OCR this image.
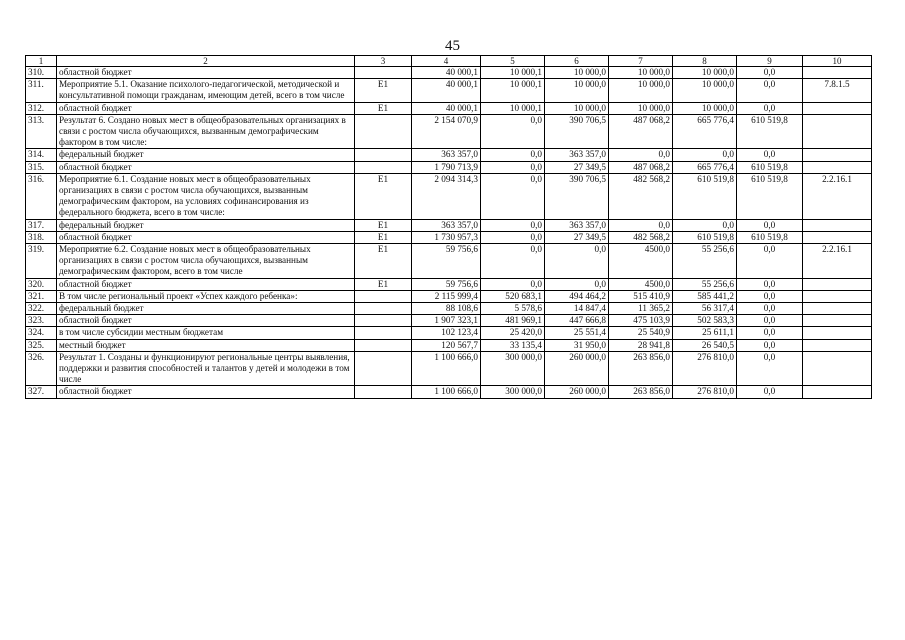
45
1	2	3	4	5	6	7	8	9	10
310.	областной бюджет		40 000,1	10 000,1	10 000,0	10 000,0	10 000,0	0,0	
311.	Мероприятие 5.1. Оказание психолого-педагогической, методической и консультативной помощи гражданам, имеющим детей, всего в том числе	Е1	40 000,1	10 000,1	10 000,0	10 000,0	10 000,0	0,0	7.8.1.5
312.	областной бюджет	Е1	40 000,1	10 000,1	10 000,0	10 000,0	10 000,0	0,0	
313.	Результат 6. Создано новых мест в общеобразовательных организациях в связи с ростом числа обучающихся, вызванным демографическим фактором в том числе:		2 154 070,9	0,0	390 706,5	487 068,2	665 776,4	610 519,8	
314.	федеральный бюджет		363 357,0	0,0	363 357,0	0,0	0,0	0,0	
315.	областной бюджет		1 790 713,9	0,0	27 349,5	487 068,2	665 776,4	610 519,8	
316.	Мероприятие 6.1. Создание новых мест в общеобразовательных организациях в связи с ростом числа обучающихся, вызванным демографическим фактором, на условиях софинансирования из федерального бюджета, всего в том числе:	Е1	2 094 314,3	0,0	390 706,5	482 568,2	610 519,8	610 519,8	2.2.16.1
317.	федеральный бюджет	Е1	363 357,0	0,0	363 357,0	0,0	0,0	0,0	
318.	областной бюджет	Е1	1 730 957,3	0,0	27 349,5	482 568,2	610 519,8	610 519,8	
319.	Мероприятие 6.2. Создание новых мест в общеобразовательных организациях в связи с ростом числа обучающихся, вызванным демографическим фактором, всего в том числе	Е1	59 756,6	0,0	0,0	4500,0	55 256,6	0,0	2.2.16.1
320.	областной бюджет	Е1	59 756,6	0,0	0,0	4500,0	55 256,6	0,0	
321.	В том числе региональный проект «Успех каждого ребенка»:		2 115 999,4	520 683,1	494 464,2	515 410,9	585 441,2	0,0	
322.	федеральный бюджет		88 108,6	5 578,6	14 847,4	11 365,2	56 317,4	0,0	
323.	областной бюджет		1 907 323,1	481 969,1	447 666,8	475 103,9	502 583,3	0,0	
324.	в том числе субсидии местным бюджетам		102 123,4	25 420,0	25 551,4	25 540,9	25 611,1	0,0	
325.	местный бюджет		120 567,7	33 135,4	31 950,0	28 941,8	26 540,5	0,0	
326.	Результат 1. Созданы и функционируют региональные центры выявления, поддержки и развития способностей и талантов у детей и молодежи в том числе		1 100 666,0	300 000,0	260 000,0	263 856,0	276 810,0	0,0	
327.	областной бюджет		1 100 666,0	300 000,0	260 000,0	263 856,0	276 810,0	0,0	
